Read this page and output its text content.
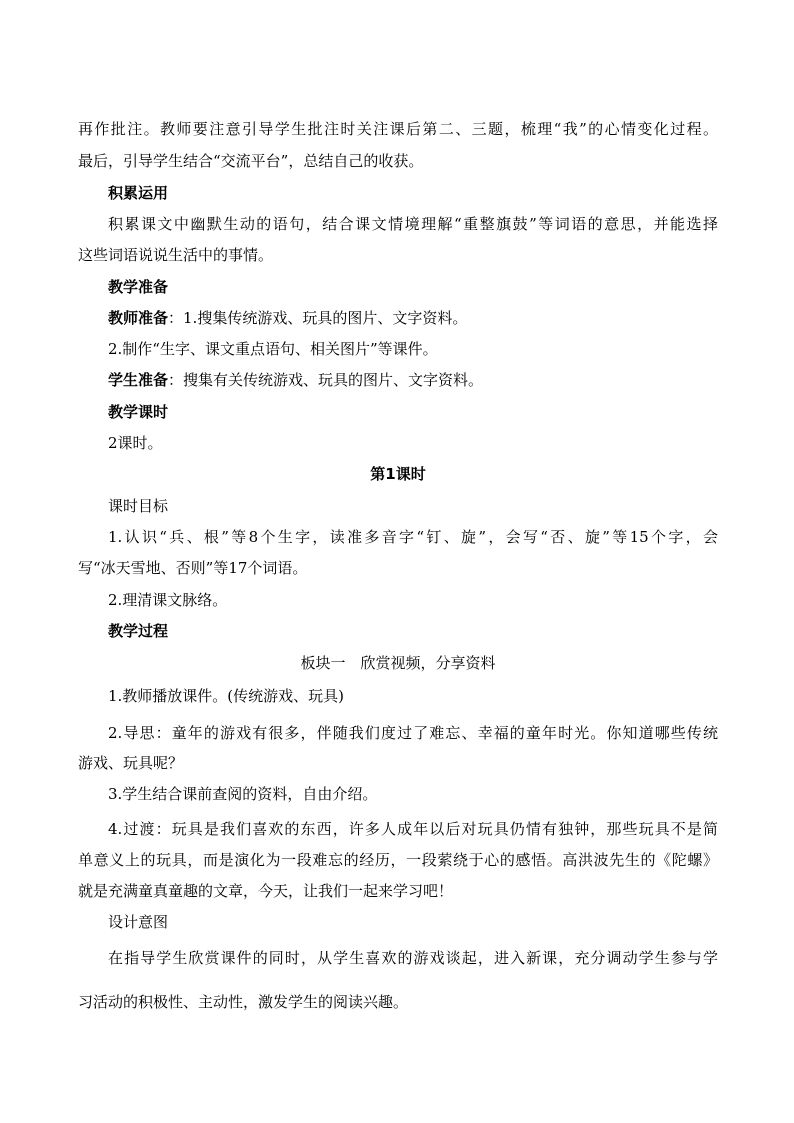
再作批注。教师要注意引导学生批注时关注课后第二、三题，梳理“我”的心情变化过程。

最后，引导学生结合“交流平台”，总结自己的收获。

积累运用

积累课文中幽默生动的语句，结合课文情境理解“重整旗鼓”等词语的意思，并能选择

这些词语说说生活中的事情。

教学准备

教师准备：1.搜集传统游戏、玩具的图片、文字资料。

2.制作“生字、课文重点语句、相关图片”等课件。

学生准备：搜集有关传统游戏、玩具的图片、文字资料。

教学课时

2课时。

第1课时

课时目标

1.认识“兵、根”等8个生字，读准多音字“钉、旋”，会写“否、旋”等15个字，会

写“冰天雪地、否则”等17个词语。

2.理清课文脉络。

教学过程

板块一　欣赏视频，分享资料

1.教师播放课件。(传统游戏、玩具)

2.导思：童年的游戏有很多，伴随我们度过了难忘、幸福的童年时光。你知道哪些传统

游戏、玩具呢？

3.学生结合课前查阅的资料，自由介绍。

4.过渡：玩具是我们喜欢的东西，许多人成年以后对玩具仍情有独钟，那些玩具不是简

单意义上的玩具，而是演化为一段难忘的经历，一段萦绕于心的感悟。高洪波先生的《陀螺》

就是充满童真童趣的文章，今天，让我们一起来学习吧！

设计意图

在指导学生欣赏课件的同时，从学生喜欢的游戏谈起，进入新课，充分调动学生参与学

习活动的积极性、主动性，激发学生的阅读兴趣。
